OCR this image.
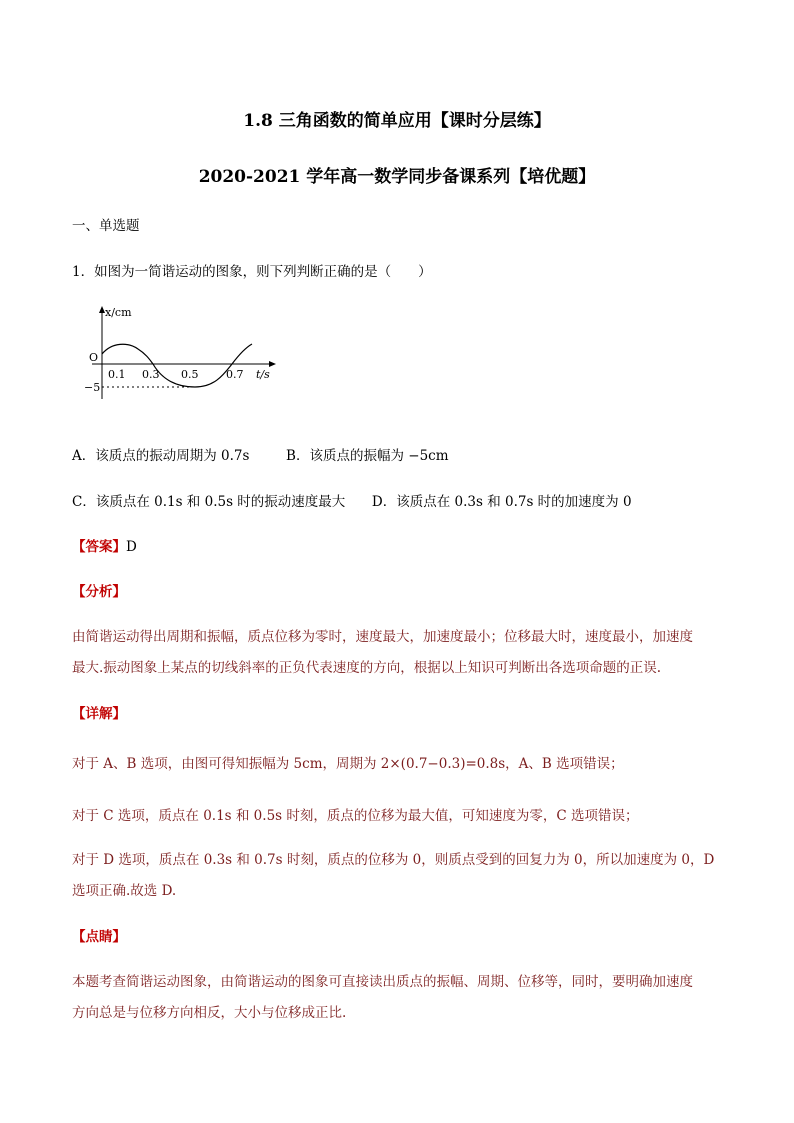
1.8 三角函数的简单应用【课时分层练】
2020-2021 学年高一数学同步备课系列【培优题】
一、单选题
1．如图为一简谐运动的图象，则下列判断正确的是（　　）
x/cm
O
−5
0.1 0.3 0.5	0.7 t/s
A．该质点的振动周期为 0.7s	B．该质点的振幅为 −5cm
C．该质点在 0.1s 和 0.5s 时的振动速度最大 D．该质点在 0.3s 和 0.7s 时的加速度为 0
【答案】D
【分析】
由简谐运动得出周期和振幅，质点位移为零时，速度最大，加速度最小；位移最大时，速度最小，加速度
最大.振动图象上某点的切线斜率的正负代表速度的方向，根据以上知识可判断出各选项命题的正误.
【详解】
对于 A、B 选项，由图可得知振幅为 5cm，周期为 2×(0.7−0.3)=0.8s，A、B 选项错误；
对于 C 选项，质点在 0.1s 和 0.5s 时刻，质点的位移为最大值，可知速度为零，C 选项错误；
对于 D 选项，质点在 0.3s 和 0.7s 时刻，质点的位移为 0，则质点受到的回复力为 0，所以加速度为 0，D
选项正确.故选 D.
【点睛】
本题考查简谐运动图象，由简谐运动的图象可直接读出质点的振幅、周期、位移等，同时，要明确加速度
方向总是与位移方向相反，大小与位移成正比.
